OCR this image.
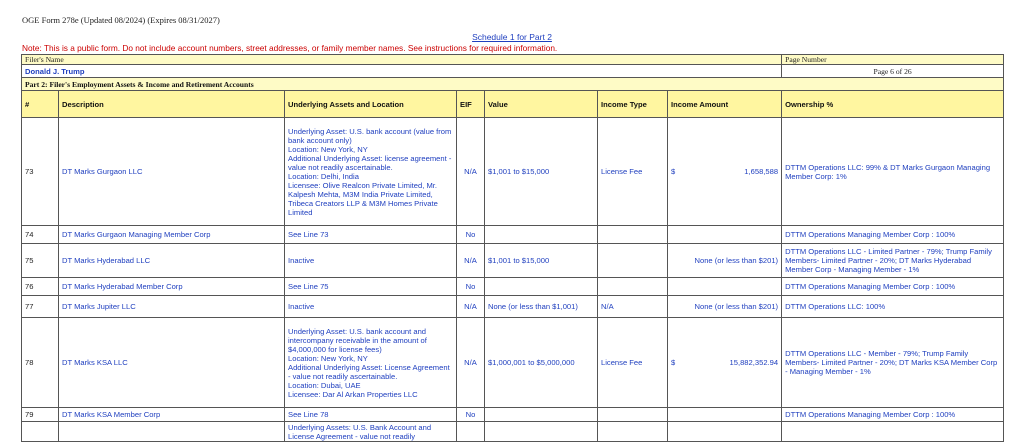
OGE Form 278e (Updated 08/2024) (Expires 08/31/2027)
Schedule 1 for Part 2
Note: This is a public form. Do not include account numbers, street addresses, or family member names. See instructions for required information.
Filer's Name							Page Number
Donald J. Trump							Page 6 of 26
Part 2: Filer's Employment Assets & Income and Retirement Accounts							
#	Description	Underlying Assets and Location	EIF	Value	Income Type	Income Amount	Ownership %
73	DT Marks Gurgaon LLC	Underlying Asset: U.S. bank account (value from bank account only)
Location: New York, NY
Additional Underlying Asset: license agreement - value not readily ascertainable.
Location: Delhi, India
Licensee: Olive Realcon Private Limited, Mr. Kalpesh Mehta, M3M India Private Limited, Tribeca Creators LLP & M3M Homes Private Limited	N/A	$1,001 to $15,000	License Fee	$ 1,658,588	DTTM Operations LLC: 99% & DT Marks Gurgaon Managing Member Corp: 1%
74	DT Marks Gurgaon Managing Member Corp	See Line 73	No				DTTM Operations Managing Member Corp : 100%
75	DT Marks Hyderabad LLC	Inactive	N/A	$1,001 to $15,000		None (or less than $201)	DTTM Operations LLC - Limited Partner - 79%; Trump Family Members- Limited Partner - 20%; DT Marks Hyderabad Member Corp - Managing Member - 1%
76	DT Marks Hyderabad Member Corp	See Line 75	No				DTTM Operations Managing Member Corp : 100%
77	DT Marks Jupiter LLC	Inactive	N/A	None (or less than $1,001)	N/A	None (or less than $201)	DTTM Operations LLC: 100%
78	DT Marks KSA LLC	Underlying Asset: U.S. bank account and intercompany receivable in the amount of $4,000,000 for license fees)
Location: New York, NY
Additional Underlying Asset: License Agreement - value not readily ascertainable.
Location: Dubai, UAE
Licensee: Dar Al Arkan Properties LLC	N/A	$1,000,001 to $5,000,000	License Fee	$ 15,882,352.94	DTTM Operations LLC - Member - 79%; Trump Family Members- Limited Partner - 20%; DT Marks KSA Member Corp - Managing Member - 1%
79	DT Marks KSA Member Corp	See Line 78	No				DTTM Operations Managing Member Corp : 100%
		Underlying Assets: U.S. Bank Account and License Agreement - value not readily				
